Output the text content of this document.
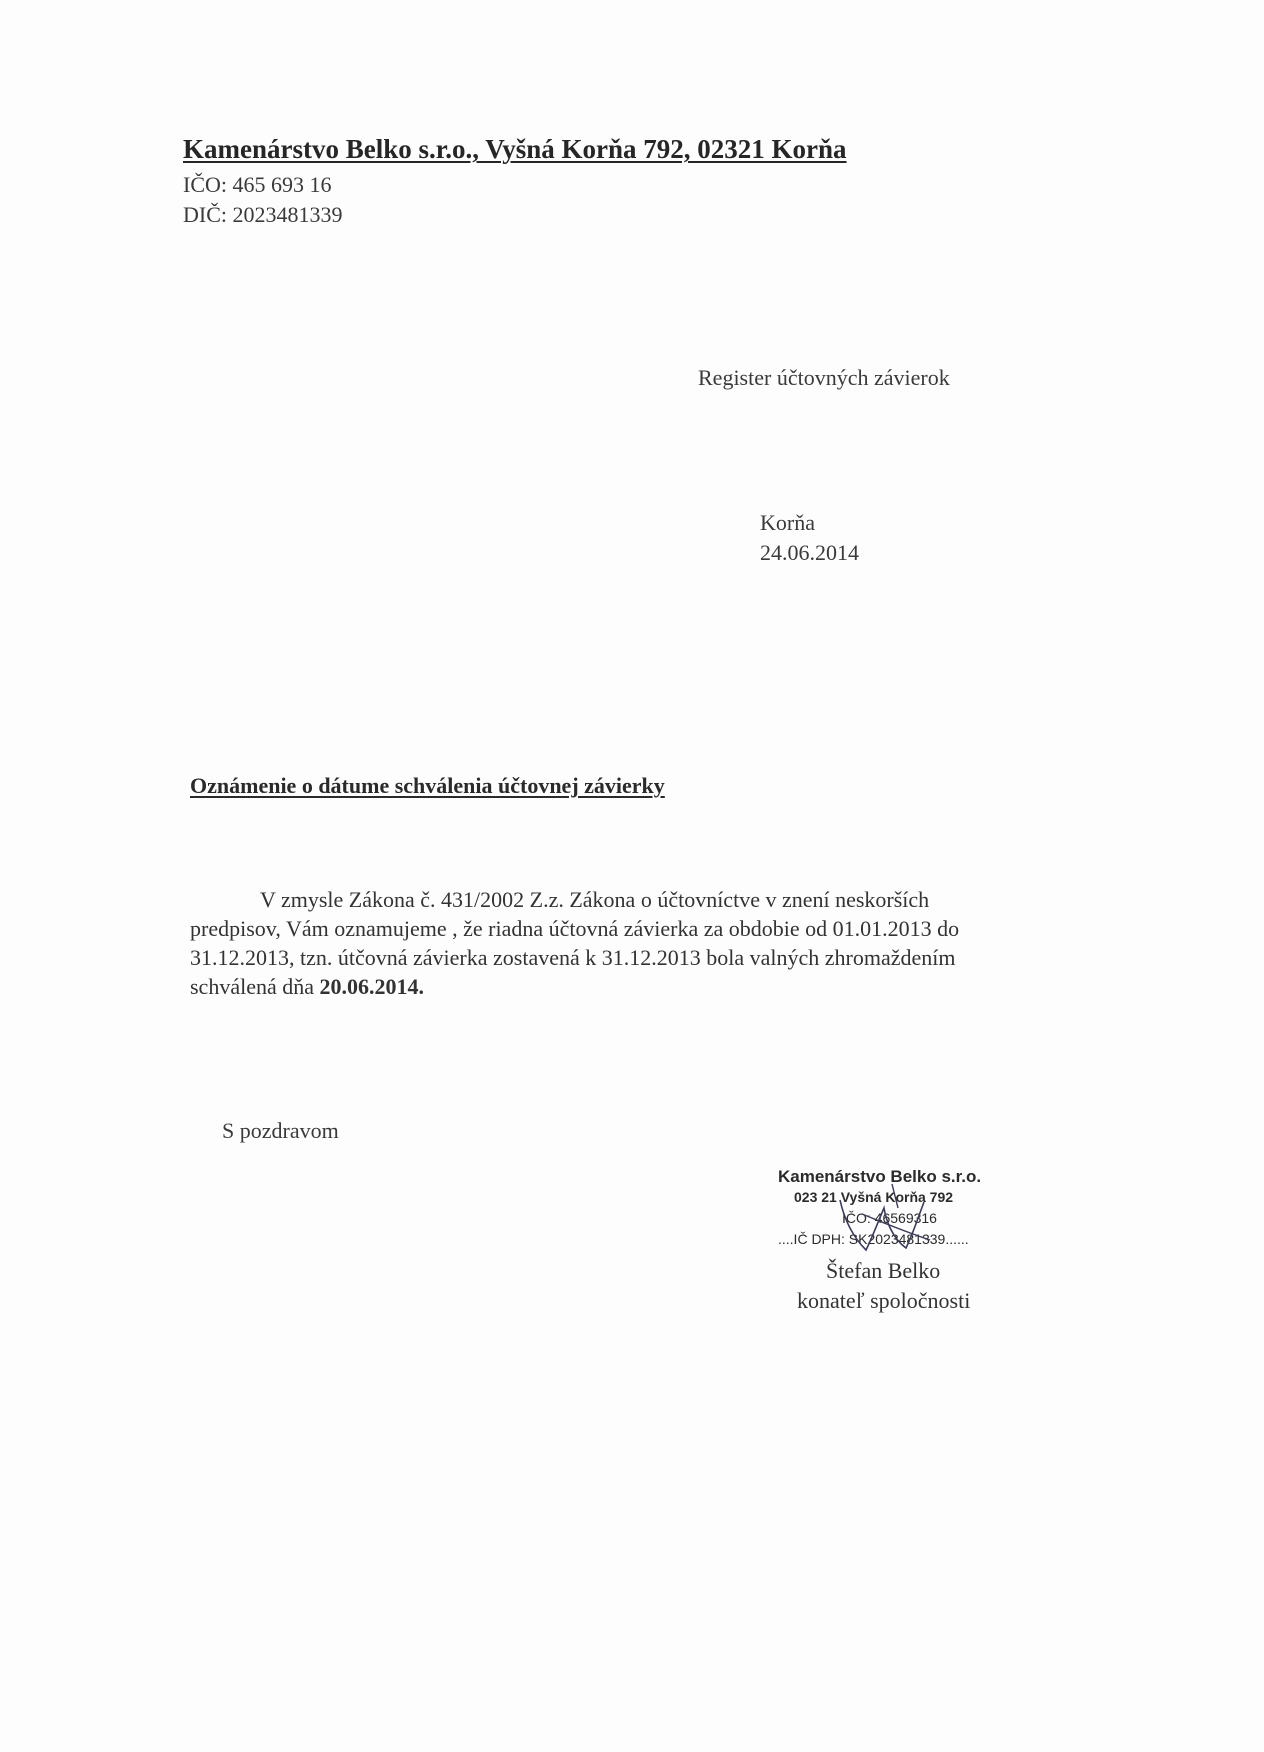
Kamenárstvo Belko s.r.o., Vyšná Korňa 792, 02321 Korňa
IČO: 465 693 16
DIČ: 2023481339
Register účtovných závierok
Korňa
24.06.2014
Oznámenie o dátume schválenia účtovnej závierky
V zmysle Zákona č. 431/2002 Z.z. Zákona o účtovníctve v znení neskorších
predpisov, Vám oznamujeme , že riadna účtovná závierka za obdobie od 01.01.2013 do
31.12.2013, tzn. útčovná závierka zostavená k 31.12.2013 bola valných zhromaždením
schválená dňa 20.06.2014.
S pozdravom
Kamenárstvo Belko s.r.o.
023 21 Vyšná Korňa 792
IČO: 46569316
....IČ DPH: SK2023481339......
Štefan Belko
konateľ spoločnosti
